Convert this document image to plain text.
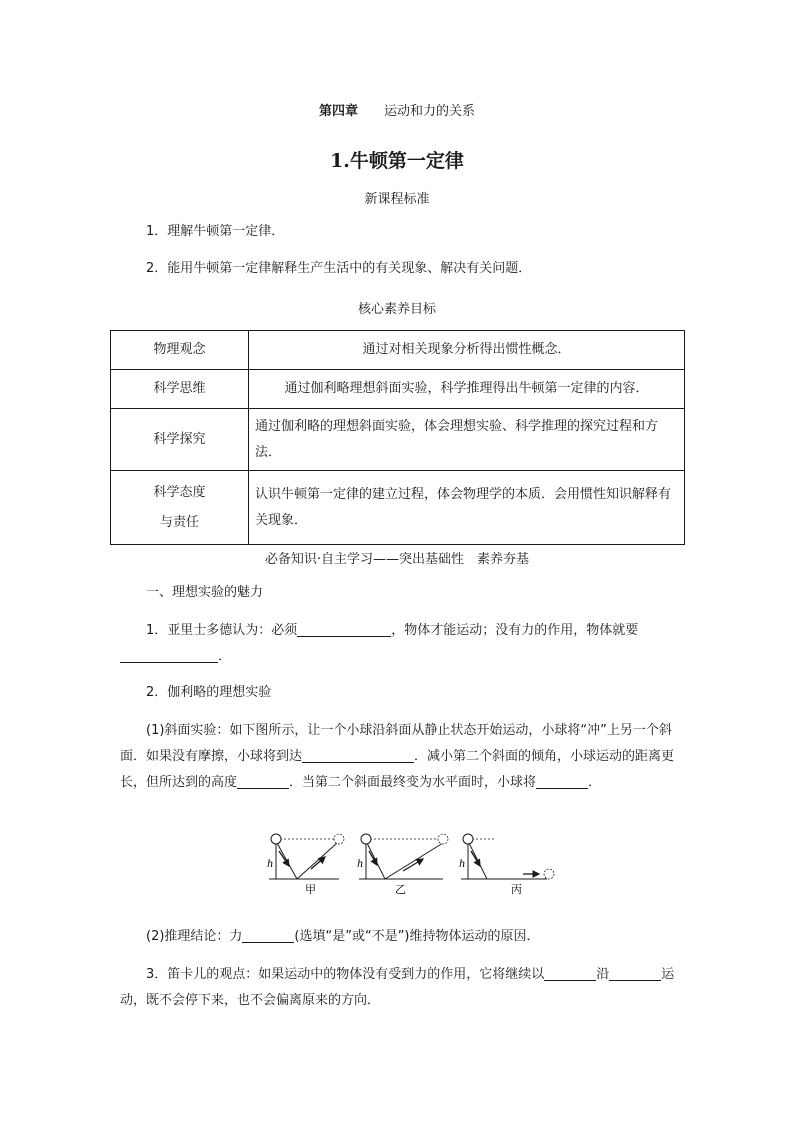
第四章 运动和力的关系
1.牛顿第一定律
新课程标准
1．理解牛顿第一定律．
2．能用牛顿第一定律解释生产生活中的有关现象、解决有关问题．
核心素养目标
物理观念	通过对相关现象分析得出惯性概念．
科学思维	通过伽利略理想斜面实验，科学推理得出牛顿第一定律的内容．
科学探究	通过伽利略的理想斜面实验，体会理想实验、科学推理的探究过程和方法．

科学态度
与责任	认识牛顿第一定律的建立过程，体会物理学的本质．会用惯性知识解释有关现象．
必备知识·自主学习——突出基础性　素养夯基
一、理想实验的魅力
1．亚里士多德认为：必须	，物体才能运动；没有力的作用，物体就要．
2．伽利略的理想实验
(1)斜面实验：如下图所示，让一个小球沿斜面从静止状态开始运动，小球将“冲”上另一个斜面．如果没有摩擦，小球将到达	．减小第二个斜面的倾角，小球运动的距离更长，但所达到的高度	．当第二个斜面最终变为水平面时，小球将	．
h
甲
h
乙
h
丙
(2)推理结论：力	(选填“是”或“不是”)维持物体运动的原因．
3．笛卡儿的观点：如果运动中的物体没有受到力的作用，它将继续以	沿	运动，既不会停下来，也不会偏离原来的方向．
